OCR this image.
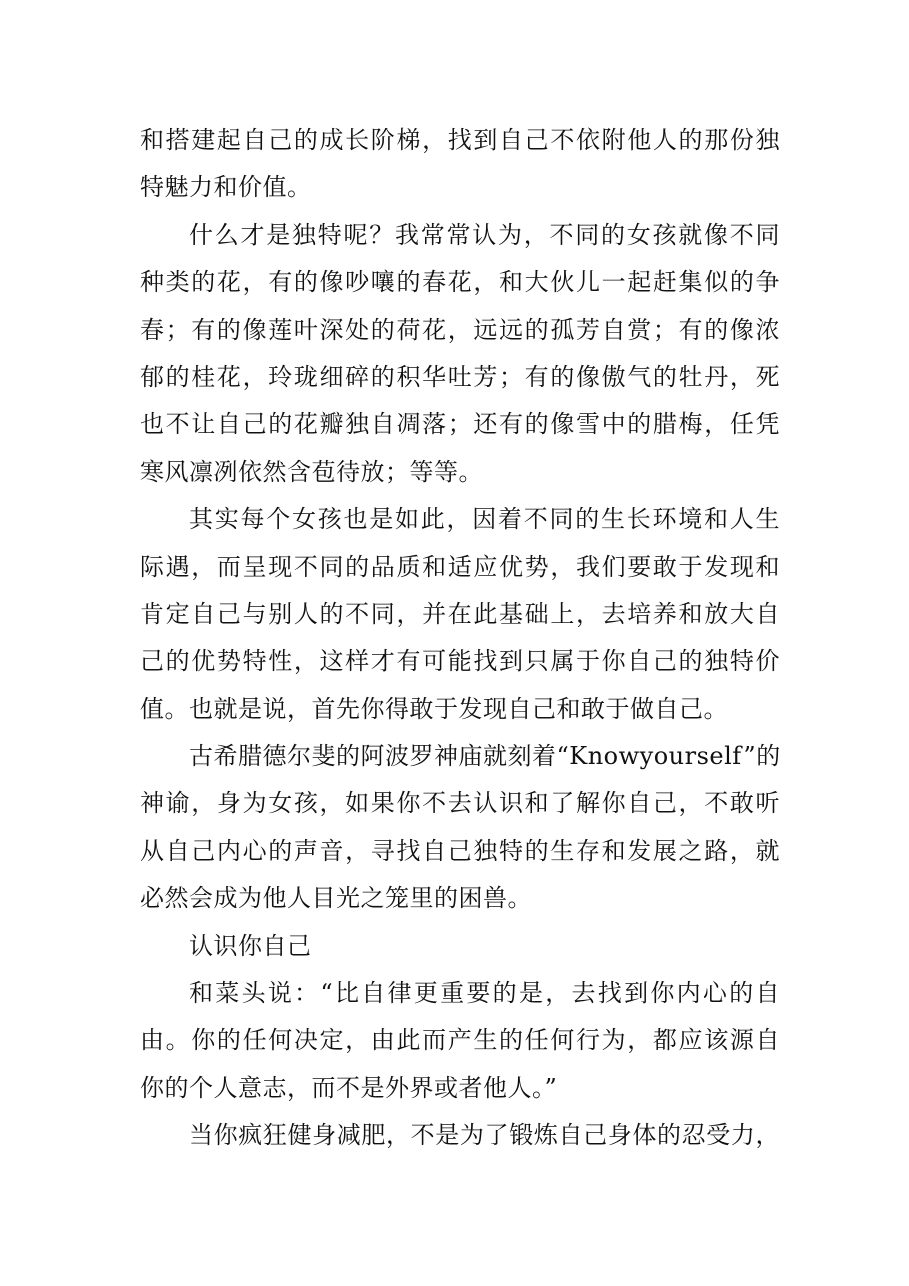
和搭建起自己的成长阶梯，找到自己不依附他人的那份独
特魅力和价值。
什么才是独特呢？我常常认为，不同的女孩就像不同
种类的花，有的像吵嚷的春花，和大伙儿一起赶集似的争
春；有的像莲叶深处的荷花，远远的孤芳自赏；有的像浓
郁的桂花，玲珑细碎的积华吐芳；有的像傲气的牡丹，死
也不让自己的花瓣独自凋落；还有的像雪中的腊梅，任凭
寒风凛冽依然含苞待放；等等。
其实每个女孩也是如此，因着不同的生长环境和人生
际遇，而呈现不同的品质和适应优势，我们要敢于发现和
肯定自己与别人的不同，并在此基础上，去培养和放大自
己的优势特性，这样才有可能找到只属于你自己的独特价
值。也就是说，首先你得敢于发现自己和敢于做自己。
古希腊德尔斐的阿波罗神庙就刻着“Knowyourself”的
神谕，身为女孩，如果你不去认识和了解你自己，不敢听
从自己内心的声音，寻找自己独特的生存和发展之路，就
必然会成为他人目光之笼里的困兽。
认识你自己
和菜头说：“比自律更重要的是，去找到你内心的自
由。你的任何决定，由此而产生的任何行为，都应该源自
你的个人意志，而不是外界或者他人。”
当你疯狂健身减肥，不是为了锻炼自己身体的忍受力，
